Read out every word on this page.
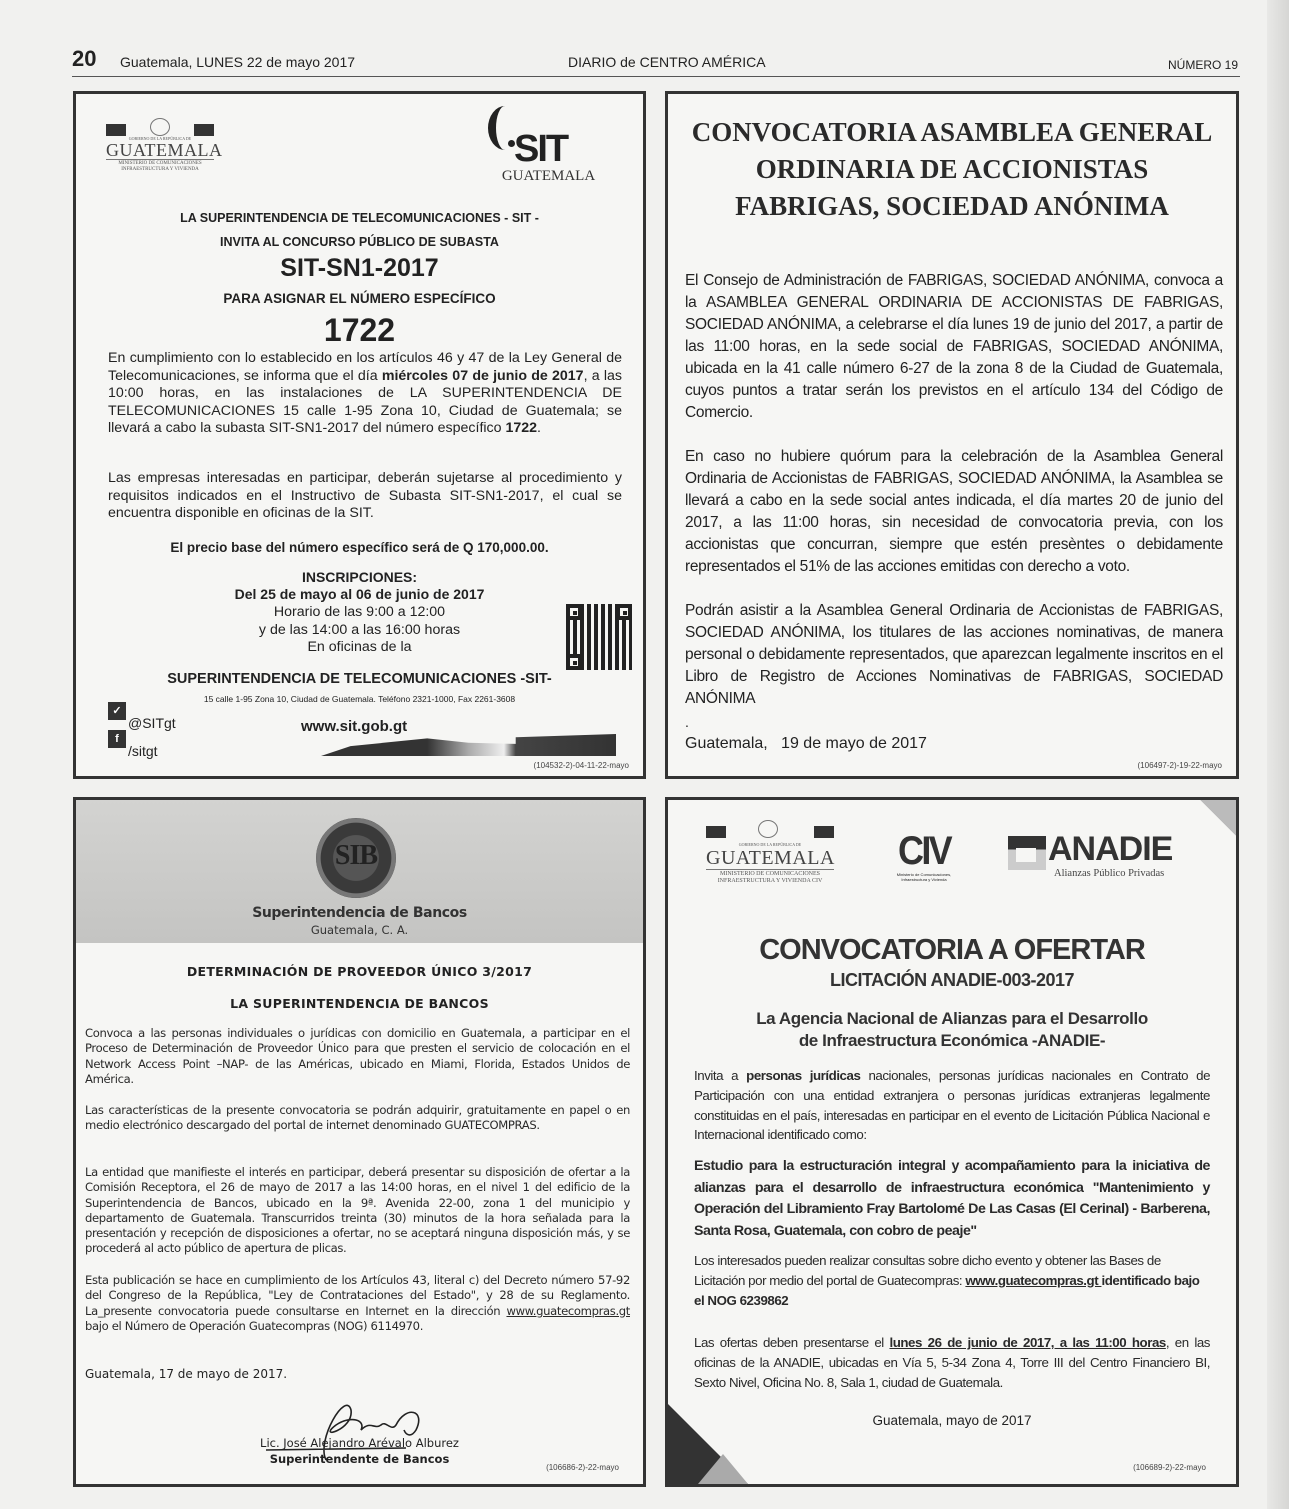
20 Guatemala, LUNES 22 de mayo 2017	DIARIO de CENTRO AMÉRICA	NÚMERO 19
GOBIERNO DE LA REPÚBLICA DE
GUATEMALA
MINISTERIO DE COMUNICACIONES INFRAESTRUCTURA Y VIVIENDA	SIT
GUATEMALA
LA SUPERINTENDENCIA DE TELECOMUNICACIONES - SIT -
INVITA AL CONCURSO PÚBLICO DE SUBASTA
SIT-SN1-2017
PARA ASIGNAR EL NÚMERO ESPECÍFICO
1722
En cumplimiento con lo establecido en los artículos 46 y 47 de la Ley General de Telecomunicaciones, se informa que el día miércoles 07 de junio de 2017, a las 10:00 horas, en las instalaciones de LA SUPERINTENDENCIA DE TELECOMUNICACIONES 15 calle 1-95 Zona 10, Ciudad de Guatemala; se llevará a cabo la subasta SIT-SN1-2017 del número específico 1722.
Las empresas interesadas en participar, deberán sujetarse al procedimiento y requisitos indicados en el Instructivo de Subasta SIT-SN1-2017, el cual se encuentra disponible en oficinas de la SIT.
El precio base del número específico será de Q 170,000.00.
INSCRIPCIONES:
Del 25 de mayo al 06 de junio de 2017
Horario de las 9:00 a 12:00
y de las 14:00 a las 16:00 horas
En oficinas de la
SUPERINTENDENCIA DE TELECOMUNICACIONES -SIT-
15 calle 1-95 Zona 10, Ciudad de Guatemala. Teléfono 2321-1000, Fax 2261-3608
✓
@SITgt
f
/sitgt
www.sit.gob.gt
(104532-2)-04-11-22-mayo
CONVOCATORIA ASAMBLEA GENERAL
ORDINARIA DE ACCIONISTAS
FABRIGAS, SOCIEDAD ANÓNIMA
El Consejo de Administración de FABRIGAS, SOCIEDAD ANÓNIMA, convoca a la ASAMBLEA GENERAL ORDINARIA DE ACCIONISTAS DE FABRIGAS, SOCIEDAD ANÓNIMA, a celebrarse el día lunes 19 de junio del 2017, a partir de las 11:00 horas, en la sede social de FABRIGAS, SOCIEDAD ANÓNIMA, ubicada en la 41 calle número 6-27 de la zona 8 de la Ciudad de Guatemala, cuyos puntos a tratar serán los previstos en el artículo 134 del Código de Comercio.
En caso no hubiere quórum para la celebración de la Asamblea General Ordinaria de Accionistas de FABRIGAS, SOCIEDAD ANÓNIMA, la Asamblea se llevará a cabo en la sede social antes indicada, el día martes 20 de junio del 2017, a las 11:00 horas, sin necesidad de convocatoria previa, con los accionistas que concurran, siempre que estén presèntes o debidamente representados el 51% de las acciones emitidas con derecho a voto.
Podrán asistir a la Asamblea General Ordinaria de Accionistas de FABRIGAS, SOCIEDAD ANÓNIMA, los titulares de las acciones nominativas, de manera personal o debidamente representados, que aparezcan legalmente inscritos en el Libro de Registro de Acciones Nominativas de FABRIGAS, SOCIEDAD ANÓNIMA
.
Guatemala,   19 de mayo de 2017
(106497-2)-19-22-mayo
SIB
Superintendencia de Bancos
Guatemala, C. A.
DETERMINACIÓN DE PROVEEDOR ÚNICO 3/2017
LA SUPERINTENDENCIA DE BANCOS
Convoca a las personas individuales o jurídicas con domicilio en Guatemala, a participar en el Proceso de Determinación de Proveedor Único para que presten el servicio de colocación en el Network Access Point –NAP- de las Américas, ubicado en Miami, Florida, Estados Unidos de América.
Las características de la presente convocatoria se podrán adquirir, gratuitamente en papel o en medio electrónico descargado del portal de internet denominado GUATECOMPRAS.
La entidad que manifieste el interés en participar, deberá presentar su disposición de ofertar a la Comisión Receptora, el 26 de mayo de 2017 a las 14:00 horas, en el nivel 1 del edificio de la Superintendencia de Bancos, ubicado en la 9ª. Avenida 22-00, zona 1 del municipio y departamento de Guatemala. Transcurridos treinta (30) minutos de la hora señalada para la presentación y recepción de disposiciones a ofertar, no se aceptará ninguna disposición más, y se procederá al acto público de apertura de plicas.
Esta publicación se hace en cumplimiento de los Artículos 43, literal c) del Decreto número 57-92 del Congreso de la República, "Ley de Contrataciones del Estado", y 28 de su Reglamento. La_presente convocatoria puede consultarse en Internet en la dirección www.guatecompras.gt bajo el Número de Operación Guatecompras (NOG) 6114970.
Guatemala, 17 de mayo de 2017.
Lic. José Alejandro Arévalo Alburez
Superintendente de Bancos
(106686-2)-22-mayo
GOBIERNO DE LA REPÚBLICA DE
GUATEMALA
MINISTERIO DE COMUNICACIONES INFRAESTRUCTURA Y VIVIENDA CIV
CIV
Ministerio de Comunicaciones, Infraestructura y Vivienda
ANADIE
Alianzas Público Privadas
CONVOCATORIA A OFERTAR
LICITACIÓN ANADIE-003-2017
La Agencia Nacional de Alianzas para el Desarrollo
de Infraestructura Económica -ANADIE-
Invita a personas jurídicas nacionales, personas jurídicas nacionales en Contrato de Participación con una entidad extranjera o personas jurídicas extranjeras legalmente constituidas en el país, interesadas en participar en el evento de Licitación Pública Nacional e Internacional identificado como:
Estudio para la estructuración integral y acompañamiento para la iniciativa de alianzas para el desarrollo de infraestructura económica "Mantenimiento y Operación del Libramiento Fray Bartolomé De Las Casas (El Cerinal) - Barberena, Santa Rosa, Guatemala, con cobro de peaje"
Los interesados pueden realizar consultas sobre dicho evento y obtener las Bases de Licitación por medio del portal de Guatecompras: www.guatecompras.gt identificado bajo el NOG 6239862
Las ofertas deben presentarse el lunes 26 de junio de 2017, a las 11:00 horas, en las oficinas de la ANADIE, ubicadas en Vía 5, 5-34 Zona 4, Torre III del Centro Financiero BI, Sexto Nivel, Oficina No. 8, Sala 1, ciudad de Guatemala.
Guatemala, mayo de 2017
(106689-2)-22-mayo
